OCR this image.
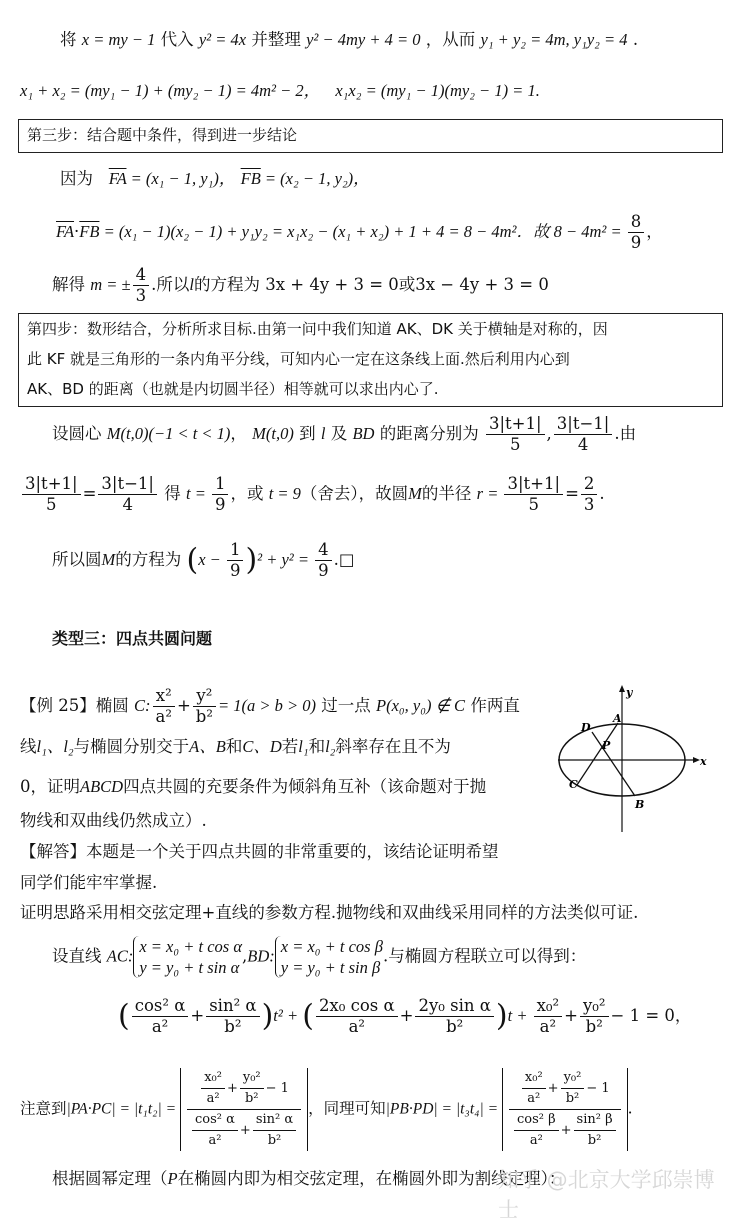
将 x = my − 1 代入 y² = 4x 并整理 y² − 4my + 4 = 0 ，从而 y₁ + y₂ = 4m, y₁y₂ = 4 .
x₁ + x₂ = (my₁ − 1) + (my₂ − 1) = 4m² − 2， x₁x₂ = (my₁ − 1)(my₂ − 1) = 1.
第三步：结合题中条件，得到进一步结论
因为 $\overline{FA} = (x_1 - 1$, y₁)， $\overline{FB} = (x_2 - 1$, y₂)，
$\overline{FA}\cdot\overline{FB} = (x_1 - 1)(x_2 - 1) + y_1y_2 = x_1x_2 - (x_1 + x_2) + 1 + 4 = 8 - 4m^2$．故 $8 - 4m^2 = \frac{8}{9}$ ，
解得 m = ± $\frac{4}{3}$ .所以l的方程为 3x + 4y + 3 = 0或3x − 4y + 3 = 0
第四步：数形结合，分析所求目标.由第一问中我们知道 AK、DK 关于横轴是对称的，因
此 KF 就是三角形的一条内角平分线，可知内心一定在这条线上面.然后利用内心到
AK、BD 的距离（也就是内切圆半径）相等就可以求出内心了.
设圆心 M(t,0)(−1 < t < 1)， M(t,0) 到 l 及 BD 的距离分别为 $\frac{3|t+1|}{5}$ , $\frac{3|t-1|}{4}$ .由
$\frac{3|t+1|}{5} = \frac{3|t-1|}{4}$ 得 $t = \frac{1}{9}$ ，或 t = 9（舍去），故圆M的半径 $r = \frac{3|t+1|}{5} = \frac{2}{3}$ .
所以圆M的方程为 $(x - \frac{1}{9} )^2 + y^2 = \frac{4}{9}$ .□
类型三：四点共圆问题
【例 25】椭圆 C: $\frac{\text{x²}}{\text{a²}} + \frac{\text{y²}}{\text{b²}} = 1(a > b > 0)$ 过一点 P(x₀, y₀) ∉ C 作两直
线l₁、l₂与椭圆分别交于A、B和C、D若l₁和l₂斜率存在且不为
0，证明ABCD四点共圆的充要条件为倾斜角互补（该命题对于抛
物线和双曲线仍然成立）.
【解答】本题是一个关于四点共圆的非常重要的，该结论证明希望
同学们能牢牢掌握.
证明思路采用相交弦定理+直线的参数方程.抛物线和双曲线采用同样的方法类似可证.
y
x
A
B
C
D
P
设直线 AC: x = x₀ + t cos α
y = y₀ + t sin α
,BD: x = x₀ + t cos β
y = y₀ + t sin β
.与椭圆方程联立可以得到：
( $\frac{\text{cos² α}}{\text{a²}} + \frac{\text{sin² α}}{\text{b²}} )t^2$ + ( $\frac{\text{2x₀ cos α}}{\text{a²}} + \frac{\text{2y₀ sin α}}{\text{b²}} )t + \frac{\text{x₀²}}{\text{a²}} + \frac{\text{y₀²}}{\text{b²}} - 1 = 0$，
注意到$|PA\cdot PC| = |t_1t_2| = \frac{\frac{\text{x₀²}}{\text{a²}} + \frac{\text{y₀²}}{\text{b²}} - 1}{\frac{\text{cos² α}}{\text{a²}} + \frac{\text{sin² α}}{\text{b²}}}$ ，同理可知$|PB\cdot PD| = |t_3t_4| = \frac{\frac{\text{x₀²}}{\text{a²}} + \frac{\text{y₀²}}{\text{b²}} - 1}{\frac{\text{cos² β}}{\text{a²}} + \frac{\text{sin² β}}{\text{b²}}}$ .
根据圆幂定理（P在椭圆内即为相交弦定理，在椭圆外即为割线定理）：
知乎 @北京大学邱崇博士
